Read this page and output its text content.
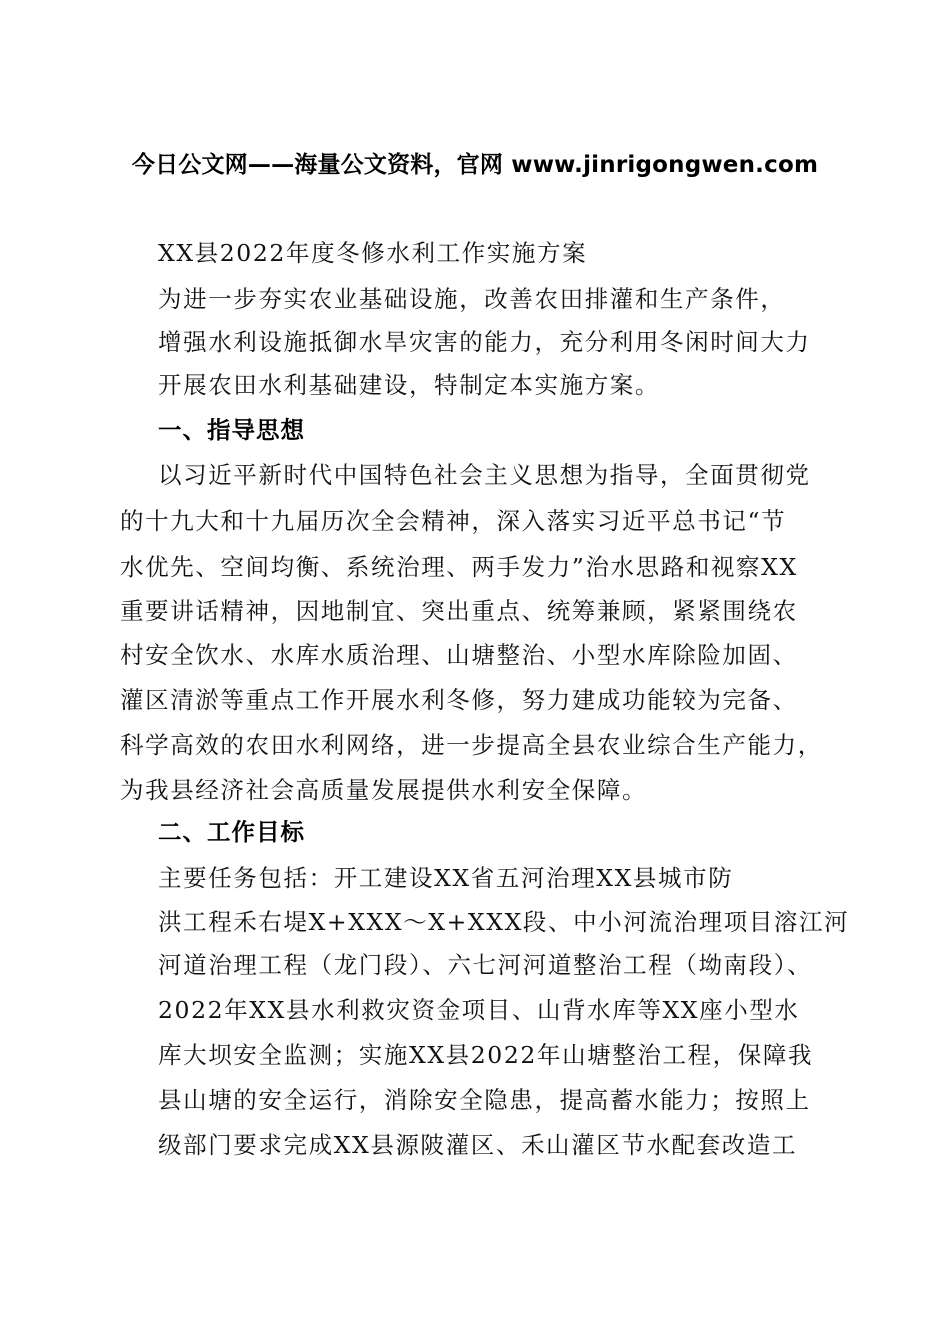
今日公文网——海量公文资料，官网 www.jinrigongwen.com
XX县2022年度冬修水利工作实施方案
为进一步夯实农业基础设施，改善农田排灌和生产条件，
增强水利设施抵御水旱灾害的能力，充分利用冬闲时间大力
开展农田水利基础建设，特制定本实施方案。
一、指导思想
以习近平新时代中国特色社会主义思想为指导，全面贯彻党
的十九大和十九届历次全会精神，深入落实习近平总书记“节
水优先、空间均衡、系统治理、两手发力”治水思路和视察XX
重要讲话精神，因地制宜、突出重点、统筹兼顾，紧紧围绕农
村安全饮水、水库水质治理、山塘整治、小型水库除险加固、
灌区清淤等重点工作开展水利冬修，努力建成功能较为完备、
科学高效的农田水利网络，进一步提高全县农业综合生产能力，
为我县经济社会高质量发展提供水利安全保障。
二、工作目标
主要任务包括：开工建设XX省五河治理XX县城市防
洪工程禾右堤X+XXX～X+XXX段、中小河流治理项目溶江河
河道治理工程（龙门段）、六七河河道整治工程（坳南段）、
2022年XX县水利救灾资金项目、山背水库等XX座小型水
库大坝安全监测；实施XX县2022年山塘整治工程，保障我
县山塘的安全运行，消除安全隐患，提高蓄水能力；按照上
级部门要求完成XX县源陂灌区、禾山灌区节水配套改造工
